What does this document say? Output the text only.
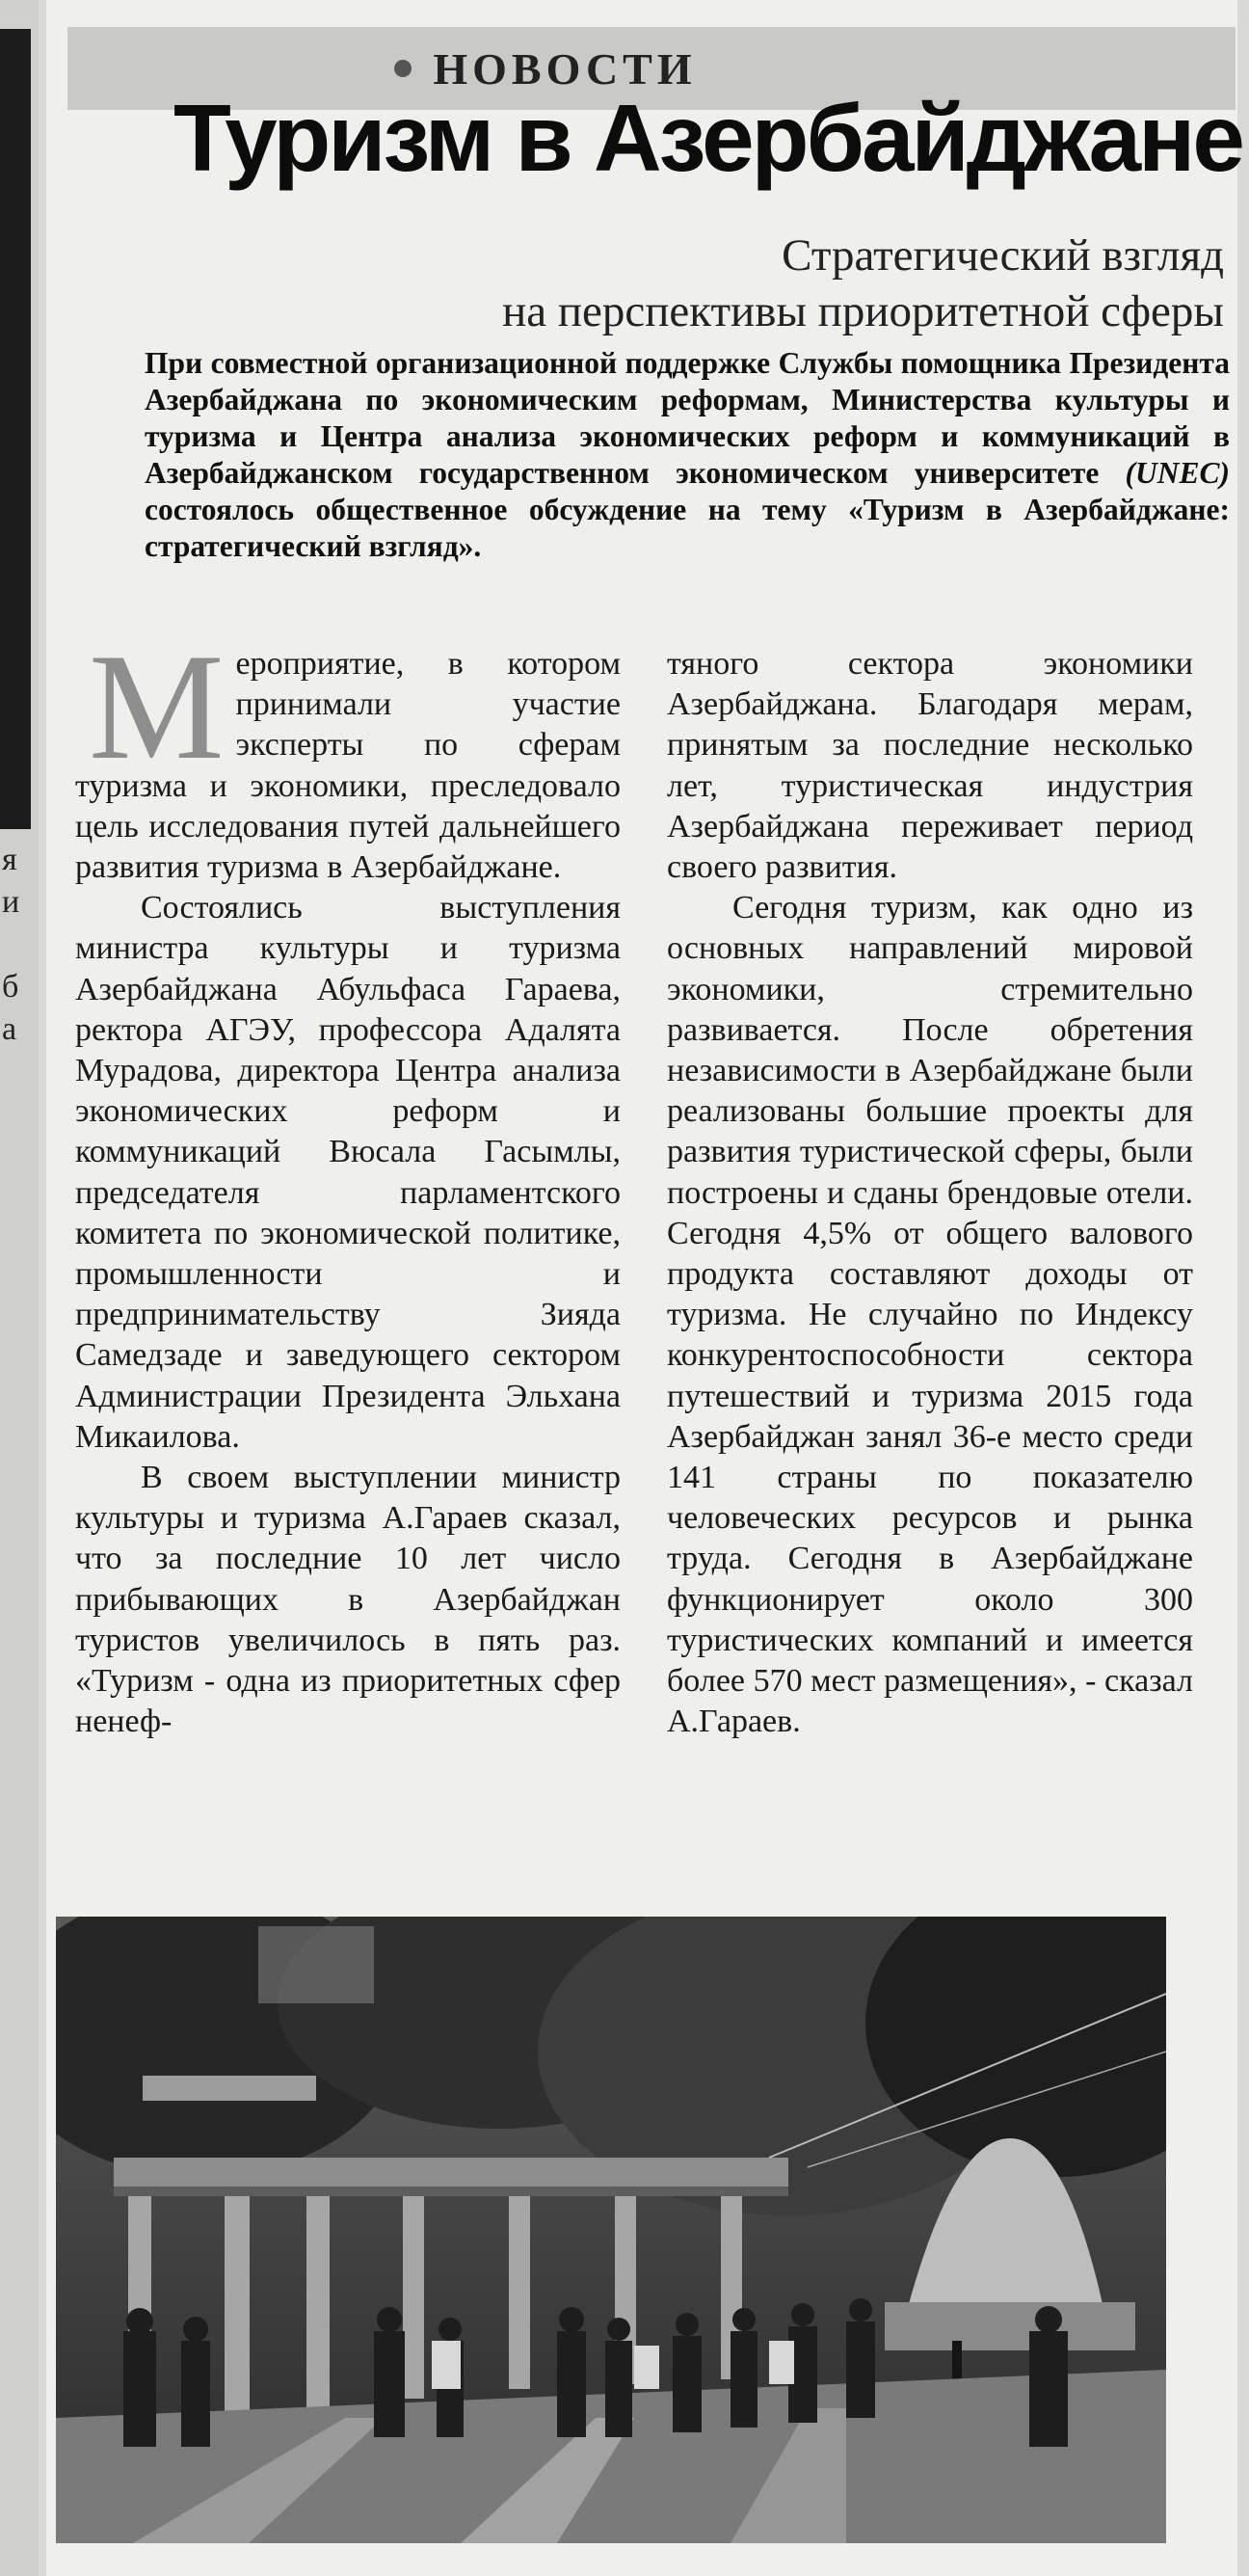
я
и
б
а
НОВОСТИ
Туризм в Азербайджане
Стратегический взгляд
на перспективы приоритетной сферы
При совместной организационной поддержке Службы помощника Президента Азербайджана по экономическим реформам, Министерства культуры и туризма и Центра анализа экономических реформ и коммуникаций в Азербайджанском государственном экономическом университете (UNEC) состоялось общественное обсуждение на тему «Туризм в Азербайджане: стратегический взгляд».

Мероприятие, в котором принимали участие эксперты по сферам туризма и экономики, преследовало цель исследования путей дальнейшего развития туризма в Азербайджане.

Состоялись выступления министра культуры и туризма Азербайджана Абульфаса Гараева, ректора АГЭУ, профессора Адалята Мурадова, директора Центра анализа экономических реформ и коммуникаций Вюсала Гасымлы, председателя парламентского комитета по экономической политике, промышленности и предпринимательству Зияда Самедзаде и заведующего сектором Администрации Президента Эльхана Микаилова.

В своем выступлении министр культуры и туризма А.Гараев сказал, что за последние 10 лет число прибывающих в Азербайджан туристов увеличилось в пять раз. «Туризм - одна из приоритетных сфер ненеф-

тяного сектора экономики Азербайджана. Благодаря мерам, принятым за последние несколько лет, туристическая индустрия Азербайджана переживает период своего развития.

Сегодня туризм, как одно из основных направлений мировой экономики, стремительно развивается. После обретения независимости в Азербайджане были реализованы большие проекты для развития туристической сферы, были построены и сданы брендовые отели. Сегодня 4,5% от общего валового продукта составляют доходы от туризма. Не случайно по Индексу конкурентоспособности сектора путешествий и туризма 2015 года Азербайджан занял 36-е место среди 141 страны по показателю человеческих ресурсов и рынка труда. Сегодня в Азербайджане функционирует около 300 туристических компаний и имеется более 570 мест размещения», - сказал А.Гараев.
